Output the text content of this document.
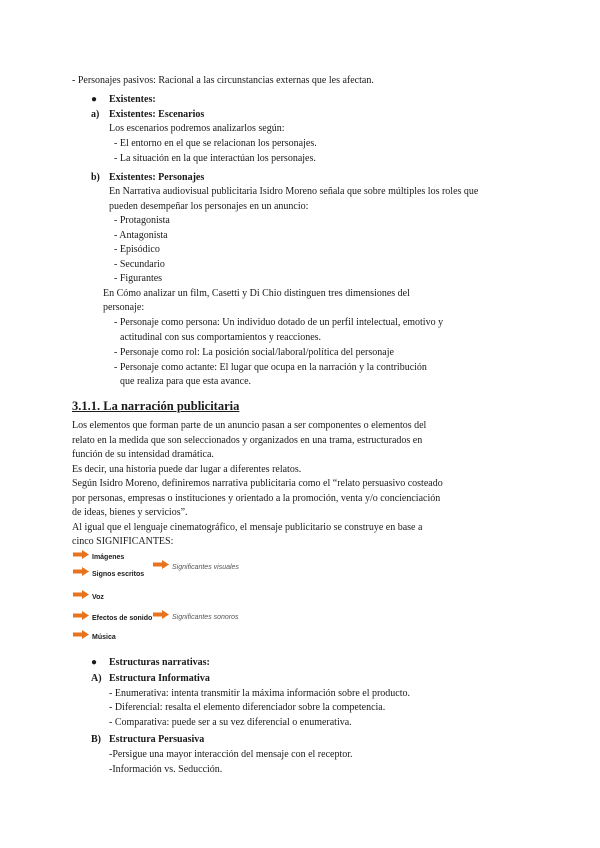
- Personajes pasivos: Racional a las circunstancias externas que les afectan.
● Existentes:
a) Existentes: Escenarios
Los escenarios podremos analizarlos según:
- El entorno en el que se relacionan los personajes.
- La situación en la que interactúan los personajes.
b) Existentes: Personajes
En Narrativa audiovisual publicitaria Isidro Moreno señala que sobre múltiples los roles que
pueden desempeñar los personajes en un anuncio:
- Protagonista
- Antagonista
- Episódico
- Secundario
- Figurantes
En Cómo analizar un film, Casetti y Di Chio distinguen tres dimensiones del
personaje:
- Personaje como persona: Un individuo dotado de un perfil intelectual, emotivo y
actitudinal con sus comportamientos y reacciones.
- Personaje como rol: La posición social/laboral/política del personaje
- Personaje como actante: El lugar que ocupa en la narración y la contribución
que realiza para que esta avance.
3.1.1. La narración publicitaria
Los elementos que forman parte de un anuncio pasan a ser componentes o elementos del
relato en la medida que son seleccionados y organizados en una trama, estructurados en
función de su intensidad dramática.
Es decir, una historia puede dar lugar a diferentes relatos.
Según Isidro Moreno, definiremos narrativa publicitaria como el “relato persuasivo costeado
por personas, empresas o instituciones y orientado a la promoción, venta y/o concienciación
de ideas, bienes y servicios”.
Al igual que el lenguaje cinematográfico, el mensaje publicitario se construye en base a
cinco SIGNIFICANTES:
Imágenes
Signos escritos
Significantes visuales
Voz
Efectos de sonido	Significantes sonoros
Música
● Estructuras narrativas:
A) Estructura Informativa
- Enumerativa: intenta transmitir la máxima información sobre el producto.
- Diferencial: resalta el elemento diferenciador sobre la competencia.
- Comparativa: puede ser a su vez diferencial o enumerativa.
B) Estructura Persuasiva
-Persigue una mayor interacción del mensaje con el receptor.
-Información vs. Seducción.
